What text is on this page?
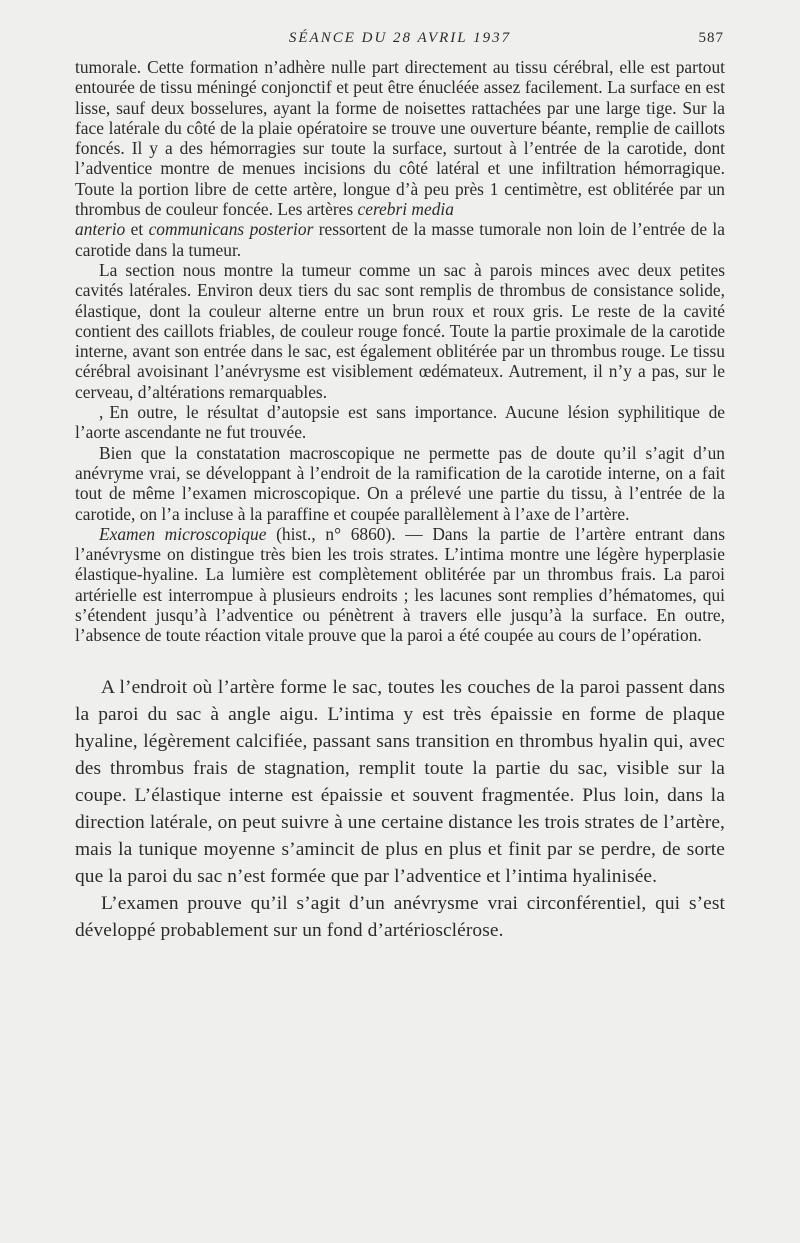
SÉANCE DU 28 AVRIL 1937	587

tumorale. Cette formation n’adhère nulle part directement au tissu cérébral, elle est partout entourée de tissu méningé conjonctif et peut être énucléée assez facilement. La surface en est lisse, sauf deux bosselures, ayant la forme de noisettes rattachées par une large tige. Sur la face latérale du côté de la plaie opératoire se trouve une ouverture béante, remplie de caillots foncés. Il y a des hémorragies sur toute la surface, surtout à l’entrée de la carotide, dont l’adventice montre de menues incisions du côté latéral et une infiltration hémorragique. Toute la portion libre de cette artère, longue d’à peu près 1 centimètre, est oblitérée par un thrombus de couleur foncée. Les artères cerebri media
anterio et communicans posterior ressortent de la masse tumorale non loin de l’entrée de la carotide dans la tumeur.

La section nous montre la tumeur comme un sac à parois minces avec deux petites cavités latérales. Environ deux tiers du sac sont remplis de thrombus de consistance solide, élastique, dont la couleur alterne entre un brun roux et roux gris. Le reste de la cavité contient des caillots friables, de couleur rouge foncé. Toute la partie proximale de la carotide interne, avant son entrée dans le sac, est également oblitérée par un thrombus rouge. Le tissu cérébral avoisinant l’anévrysme est visiblement œdémateux. Autrement, il n’y a pas, sur le cerveau, d’altérations remarquables.

, En outre, le résultat d’autopsie est sans importance. Aucune lésion syphilitique de l’aorte ascendante ne fut trouvée.

Bien que la constatation macroscopique ne permette pas de doute qu’il s’agit d’un anévryme vrai, se développant à l’endroit de la ramification de la carotide interne, on a fait tout de même l’examen microscopique. On a prélevé une partie du tissu, à l’entrée de la carotide, on l’a incluse à la paraffine et coupée parallèlement à l’axe de l’artère.

Examen microscopique (hist., n° 6860). — Dans la partie de l’artère entrant dans l’anévrysme on distingue très bien les trois strates. L’intima montre une légère hyperplasie élastique-hyaline. La lumière est complètement oblitérée par un thrombus frais. La paroi artérielle est interrompue à plusieurs endroits ; les lacunes sont remplies d’hématomes, qui s’étendent jusqu’à l’adventice ou pénètrent à travers elle jusqu’à la surface. En outre, l’absence de toute réaction vitale prouve que la paroi a été coupée au cours de l’opération.

A l’endroit où l’artère forme le sac, toutes les couches de la paroi passent dans la paroi du sac à angle aigu. L’intima y est très épaissie en forme de plaque hyaline, légèrement calcifiée, passant sans transition en thrombus hyalin qui, avec des thrombus frais de stagnation, remplit toute la partie du sac, visible sur la coupe. L’élastique interne est épaissie et souvent fragmentée. Plus loin, dans la direction latérale, on peut suivre à une certaine distance les trois strates de l’artère, mais la tunique moyenne s’amincit de plus en plus et finit par se perdre, de sorte que la paroi du sac n’est formée que par l’adventice et l’intima hyalinisée.

L’examen prouve qu’il s’agit d’un anévrysme vrai circonférentiel, qui s’est développé probablement sur un fond d’artériosclérose.
